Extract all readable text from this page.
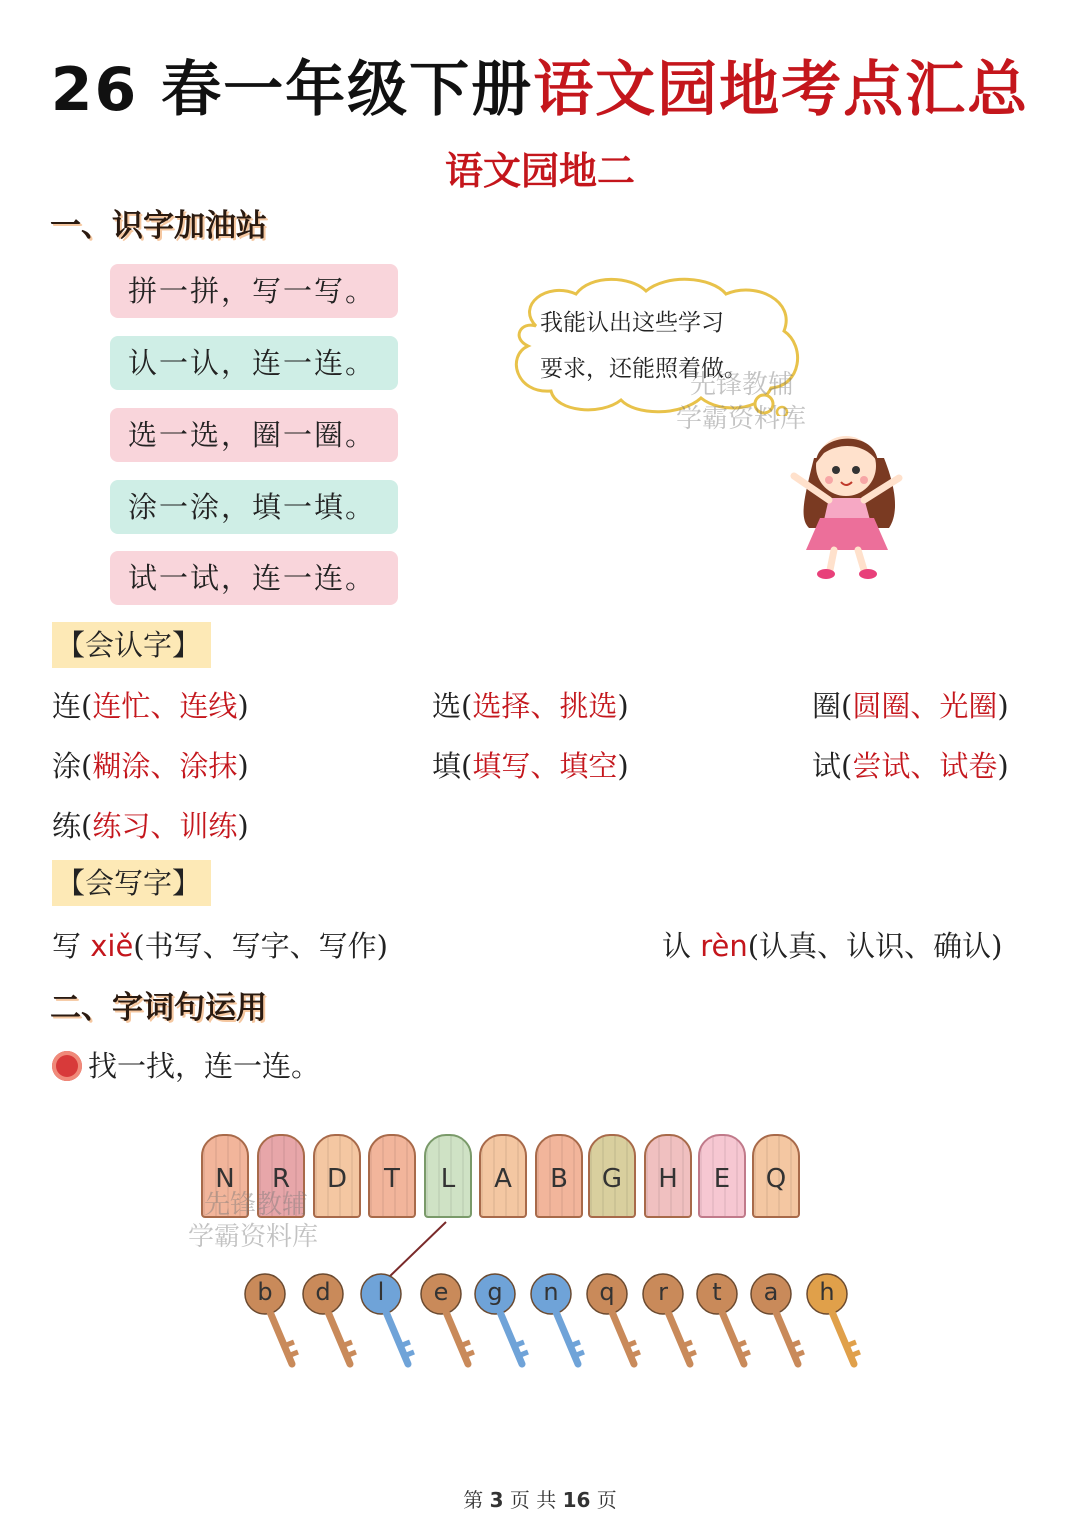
26 春一年级下册语文园地考点汇总
语文园地二
一、识字加油站
拼一拼，写一写。
认一认，连一连。
选一选，圈一圈。
涂一涂，填一填。
试一试，连一连。
我能认出这些学习
要求，还能照着做。
先锋教辅
学霸资料库
【会认字】
连(连忙、连线)	选(选择、挑选)	圈(圆圈、光圈)
涂(糊涂、涂抹)	填(填写、填空)	试(尝试、试卷)
练(练习、训练)
【会写字】
写 xiě(书写、写字、写作)	认 rèn(认真、认识、确认)
二、字词句运用
找一找，连一连。
N	R	D	T	L	A	B	G	H	E	Q
b	d	l	e	g	n	q	r	t	a	h
先锋教辅
学霸资料库
第 3 页 共 16 页
